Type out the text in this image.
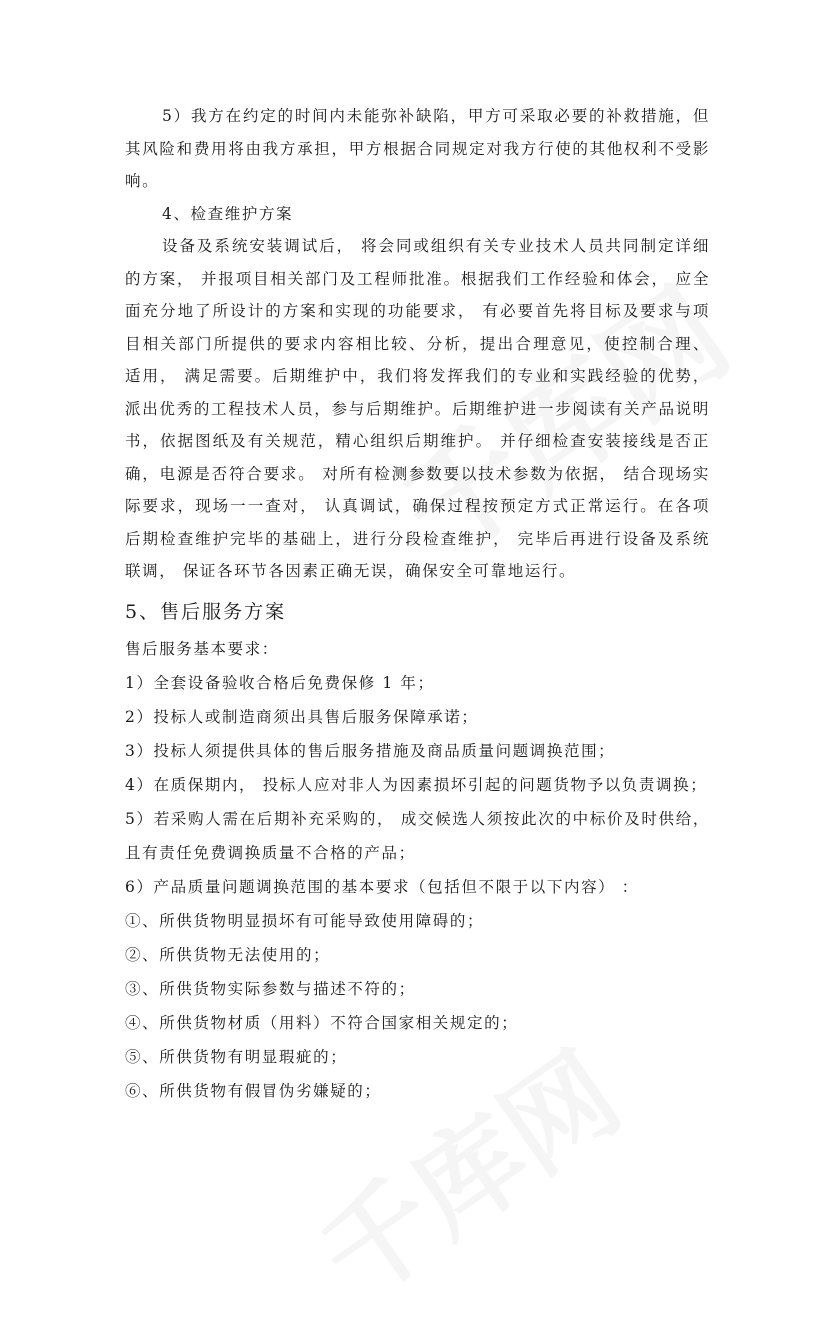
5）我方在约定的时间内未能弥补缺陷，甲方可采取必要的补救措施，但其风险和费用将由我方承担，甲方根据合同规定对我方行使的其他权利不受影响。

4、检查维护方案

设备及系统安装调试后， 将会同或组织有关专业技术人员共同制定详细的方案， 并报项目相关部门及工程师批准。根据我们工作经验和体会， 应全面充分地了所设计的方案和实现的功能要求， 有必要首先将目标及要求与项目相关部门所提供的要求内容相比较、分析，提出合理意见，使控制合理、 适用， 满足需要。后期维护中，我们将发挥我们的专业和实践经验的优势，派出优秀的工程技术人员，参与后期维护。后期维护进一步阅读有关产品说明书，依据图纸及有关规范，精心组织后期维护。 并仔细检查安装接线是否正确，电源是否符合要求。 对所有检测参数要以技术参数为依据， 结合现场实际要求，现场一一查对， 认真调试，确保过程按预定方式正常运行。在各项后期检查维护完毕的基础上，进行分段检查维护， 完毕后再进行设备及系统联调， 保证各环节各因素正确无误，确保安全可靠地运行。

5、售后服务方案

售后服务基本要求：

1）全套设备验收合格后免费保修 1 年；

2）投标人或制造商须出具售后服务保障承诺；

3）投标人须提供具体的售后服务措施及商品质量问题调换范围；

4）在质保期内， 投标人应对非人为因素损坏引起的问题货物予以负责调换；

5）若采购人需在后期补充采购的， 成交候选人须按此次的中标价及时供给，且有责任免费调换质量不合格的产品；

6）产品质量问题调换范围的基本要求（包括但不限于以下内容） ：

①、所供货物明显损坏有可能导致使用障碍的；

②、所供货物无法使用的；

③、所供货物实际参数与描述不符的；

④、所供货物材质（用料）不符合国家相关规定的；

⑤、所供货物有明显瑕疵的；

⑥、所供货物有假冒伪劣嫌疑的；
